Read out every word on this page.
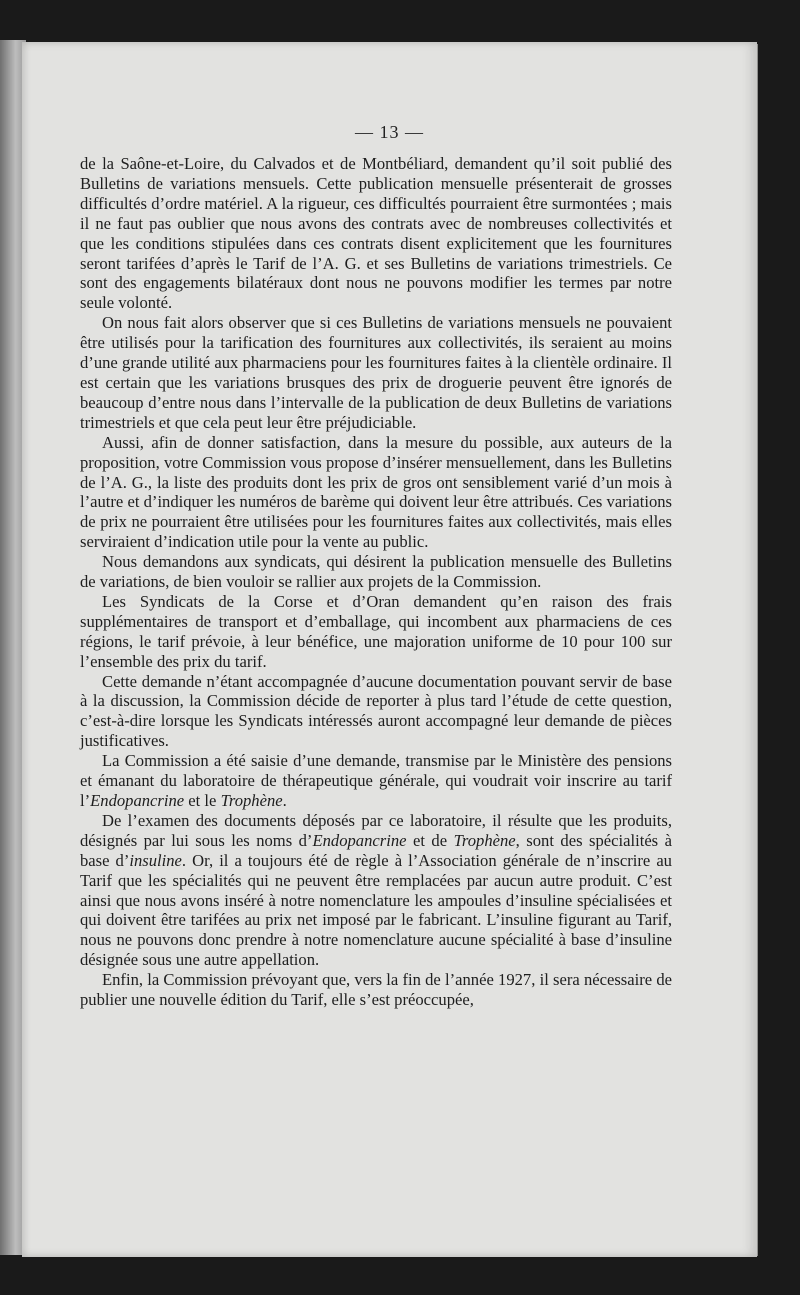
— 13 —

de la Saône-et-Loire, du Calvados et de Montbéliard, demandent qu’il soit publié des Bulletins de variations mensuels. Cette publication mensuelle présenterait de grosses difficultés d’ordre matériel. A la rigueur, ces difficultés pourraient être surmontées ; mais il ne faut pas oublier que nous avons des contrats avec de nombreuses collectivités et que les conditions stipulées dans ces contrats disent explicitement que les fournitures seront tarifées d’après le Tarif de l’A. G. et ses Bulletins de variations trimestriels. Ce sont des engagements bilatéraux dont nous ne pouvons modifier les termes par notre seule volonté.

On nous fait alors observer que si ces Bulletins de variations mensuels ne pouvaient être utilisés pour la tarification des fournitures aux collectivités, ils seraient au moins d’une grande utilité aux pharmaciens pour les fournitures faites à la clientèle ordinaire. Il est certain que les variations brusques des prix de droguerie peuvent être ignorés de beaucoup d’entre nous dans l’intervalle de la publication de deux Bulletins de variations trimestriels et que cela peut leur être préjudiciable.

Aussi, afin de donner satisfaction, dans la mesure du possible, aux auteurs de la proposition, votre Commission vous propose d’insérer mensuellement, dans les Bulletins de l’A. G., la liste des produits dont les prix de gros ont sensiblement varié d’un mois à l’autre et d’indiquer les numéros de barème qui doivent leur être attribués. Ces variations de prix ne pourraient être utilisées pour les fournitures faites aux collectivités, mais elles serviraient d’indication utile pour la vente au public.

Nous demandons aux syndicats, qui désirent la publication mensuelle des Bulletins de variations, de bien vouloir se rallier aux projets de la Commission.

Les Syndicats de la Corse et d’Oran demandent qu’en raison des frais supplémentaires de transport et d’emballage, qui incombent aux pharmaciens de ces régions, le tarif prévoie, à leur bénéfice, une majoration uniforme de 10 pour 100 sur l’ensemble des prix du tarif.

Cette demande n’étant accompagnée d’aucune documentation pouvant servir de base à la discussion, la Commission décide de reporter à plus tard l’étude de cette question, c’est-à-dire lorsque les Syndicats intéressés auront accompagné leur demande de pièces justificatives.

La Commission a été saisie d’une demande, transmise par le Ministère des pensions et émanant du laboratoire de thérapeutique générale, qui voudrait voir inscrire au tarif l’Endopancrine et le Trophène.

De l’examen des documents déposés par ce laboratoire, il résulte que les produits, désignés par lui sous les noms d’Endopancrine et de Trophène, sont des spécialités à base d’insuline. Or, il a toujours été de règle à l’Association générale de n’inscrire au Tarif que les spécialités qui ne peuvent être remplacées par aucun autre produit. C’est ainsi que nous avons inséré à notre nomenclature les ampoules d’insuline spécialisées et qui doivent être tarifées au prix net imposé par le fabricant. L’insuline figurant au Tarif, nous ne pouvons donc prendre à notre nomenclature aucune spécialité à base d’insuline désignée sous une autre appellation.

Enfin, la Commission prévoyant que, vers la fin de l’année 1927, il sera nécessaire de publier une nouvelle édition du Tarif, elle s’est préoccupée,
